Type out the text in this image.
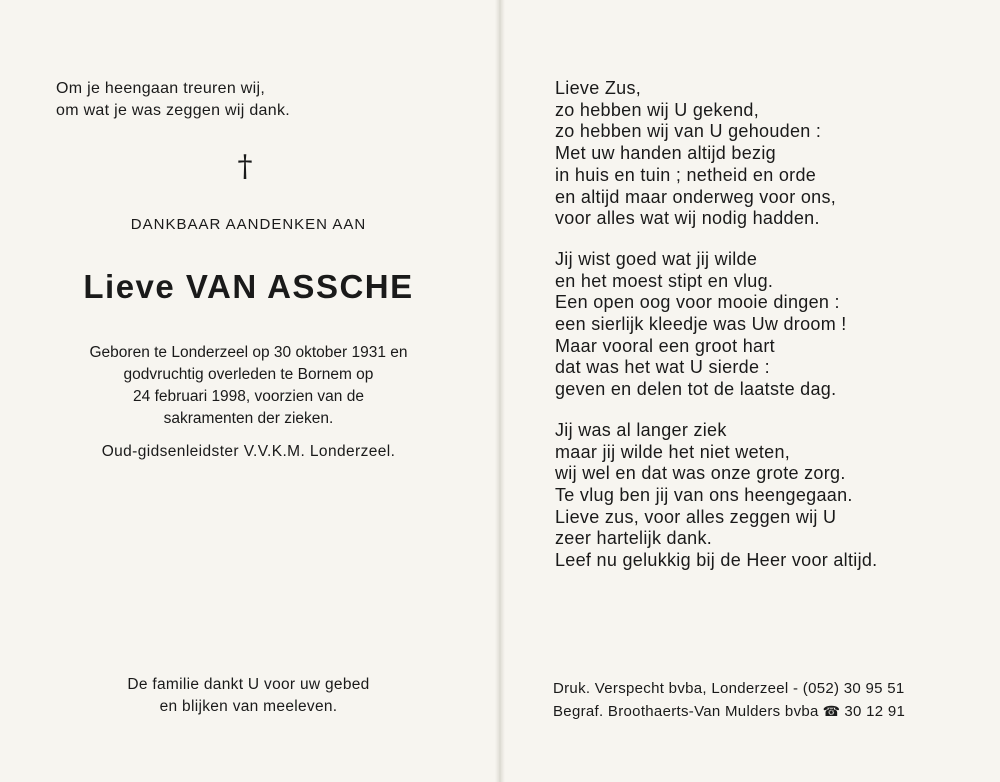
Om je heengaan treuren wij,
om wat je was zeggen wij dank.
†
DANKBAAR AANDENKEN AAN
Lieve VAN ASSCHE
Geboren te Londerzeel op 30 oktober 1931 en
godvruchtig overleden te Bornem op
24 februari 1998, voorzien van de
sakramenten der zieken.
Oud-gidsenleidster V.V.K.M. Londerzeel.
De familie dankt U voor uw gebed
en blijken van meeleven.
Lieve Zus,
zo hebben wij U gekend,
zo hebben wij van U gehouden :
Met uw handen altijd bezig
in huis en tuin ; netheid en orde
en altijd maar onderweg voor ons,
voor alles wat wij nodig hadden.
Jij wist goed wat jij wilde
en het moest stipt en vlug.
Een open oog voor mooie dingen :
een sierlijk kleedje was Uw droom !
Maar vooral een groot hart
dat was het wat U sierde :
geven en delen tot de laatste dag.
Jij was al langer ziek
maar jij wilde het niet weten,
wij wel en dat was onze grote zorg.
Te vlug ben jij van ons heengegaan.
Lieve zus, voor alles zeggen wij U
zeer hartelijk dank.
Leef nu gelukkig bij de Heer voor altijd.
Druk. Verspecht bvba, Londerzeel - (052) 30 95 51
Begraf. Broothaerts-Van Mulders bvba ☎ 30 12 91
